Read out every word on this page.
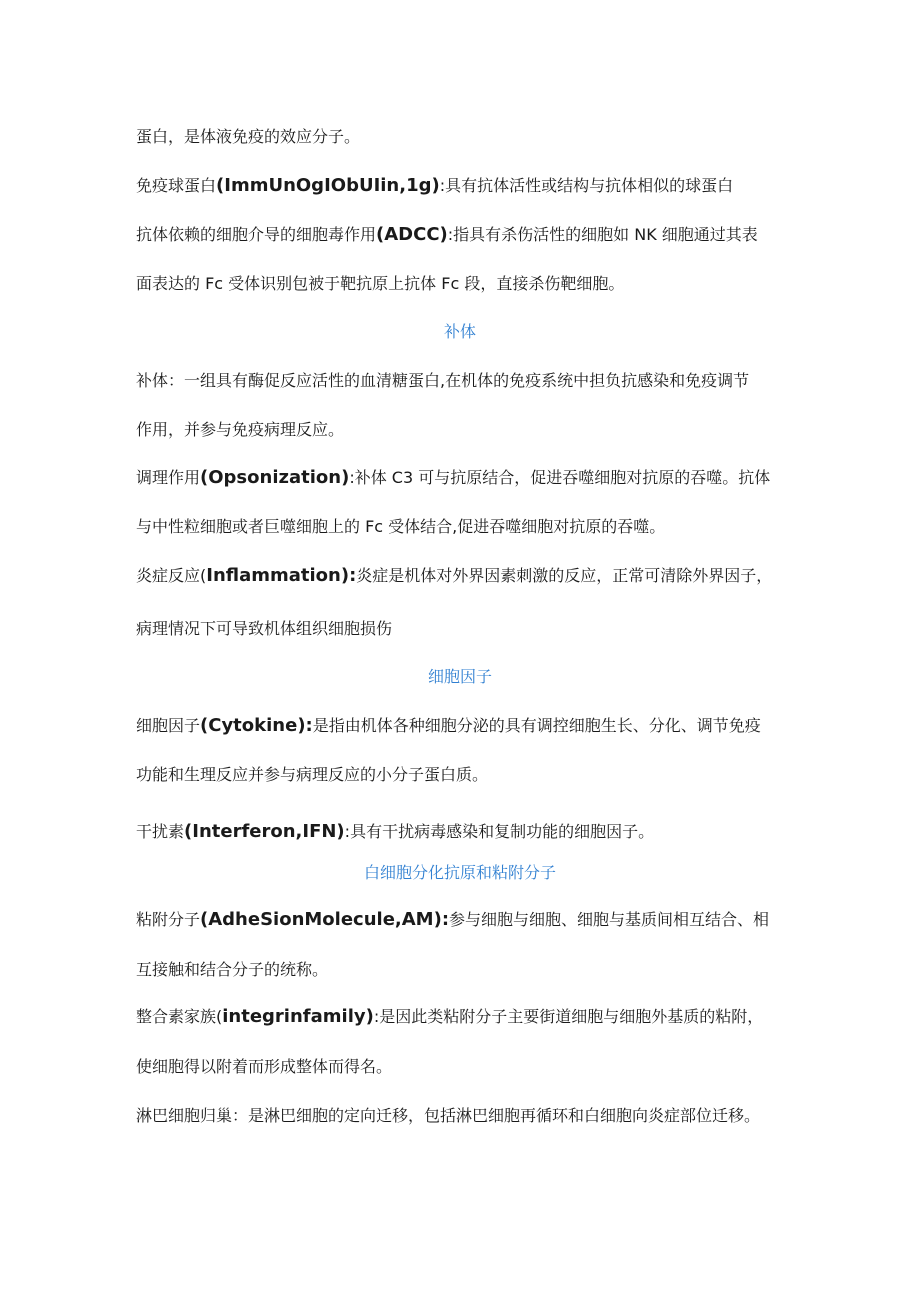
蛋白，是体液免疫的效应分子。
免疫球蛋白(ImmUnOgIObUIin,1g):具有抗体活性或结构与抗体相似的球蛋白
抗体依赖的细胞介导的细胞毒作用(ADCC):指具有杀伤活性的细胞如 NK 细胞通过其表
面表达的 Fc 受体识别包被于靶抗原上抗体 Fc 段，直接杀伤靶细胞。
补体
补体：一组具有酶促反应活性的血清糖蛋白,在机体的免疫系统中担负抗感染和免疫调节
作用，并参与免疫病理反应。
调理作用(Opsonization):补体 C3 可与抗原结合，促进吞噬细胞对抗原的吞噬。抗体
与中性粒细胞或者巨噬细胞上的 Fc 受体结合,促进吞噬细胞对抗原的吞噬。
炎症反应(Inflammation):炎症是机体对外界因素刺激的反应，正常可清除外界因子，
病理情况下可导致机体组织细胞损伤
细胞因子
细胞因子(Cytokine):是指由机体各种细胞分泌的具有调控细胞生长、分化、调节免疫
功能和生理反应并参与病理反应的小分子蛋白质。
干扰素(Interferon,IFN):具有干扰病毒感染和复制功能的细胞因子。
白细胞分化抗原和粘附分子
粘附分子(AdheSionMolecule,AM):参与细胞与细胞、细胞与基质间相互结合、相
互接触和结合分子的统称。
整合素家族(integrinfamily):是因此类粘附分子主要街道细胞与细胞外基质的粘附，
使细胞得以附着而形成整体而得名。
淋巴细胞归巢：是淋巴细胞的定向迁移，包括淋巴细胞再循环和白细胞向炎症部位迁移。
